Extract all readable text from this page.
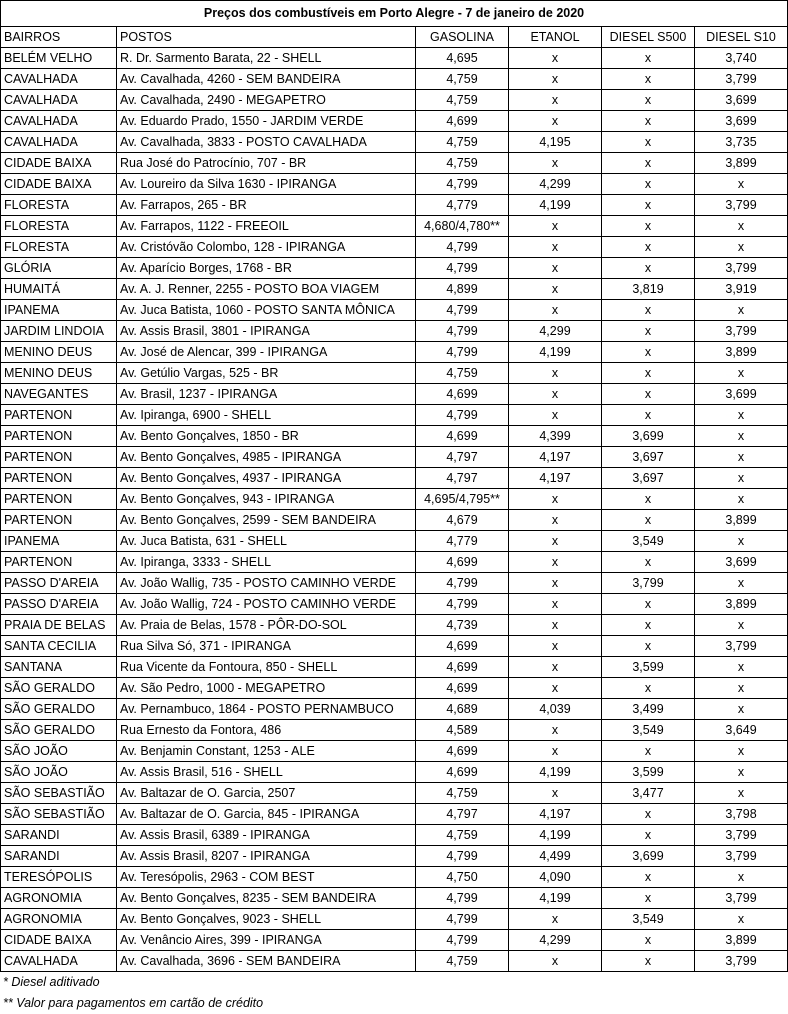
Preços dos combustíveis em Porto Alegre - 7 de janeiro de 2020					
BAIRROS	POSTOS	GASOLINA	ETANOL	DIESEL S500	DIESEL S10
BELÉM VELHO	R. Dr. Sarmento Barata, 22 - SHELL	4,695	x	x	3,740
CAVALHADA	Av. Cavalhada, 4260 - SEM BANDEIRA	4,759	x	x	3,799
CAVALHADA	Av. Cavalhada, 2490 - MEGAPETRO	4,759	x	x	3,699
CAVALHADA	Av. Eduardo Prado, 1550 - JARDIM VERDE	4,699	x	x	3,699
CAVALHADA	Av. Cavalhada, 3833 - POSTO CAVALHADA	4,759	4,195	x	3,735
CIDADE BAIXA	Rua José do Patrocínio, 707 - BR	4,759	x	x	3,899
CIDADE BAIXA	Av. Loureiro da Silva 1630 - IPIRANGA	4,799	4,299	x	x
FLORESTA	Av. Farrapos, 265 - BR	4,779	4,199	x	3,799
FLORESTA	Av. Farrapos, 1122 - FREEOIL	4,680/4,780**	x	x	x
FLORESTA	Av. Cristóvão Colombo, 128 - IPIRANGA	4,799	x	x	x
GLÓRIA	Av. Aparício Borges, 1768 - BR	4,799	x	x	3,799
HUMAITÁ	Av. A. J. Renner, 2255 - POSTO BOA VIAGEM	4,899	x	3,819	3,919
IPANEMA	Av. Juca Batista, 1060 - POSTO SANTA MÔNICA	4,799	x	x	x
JARDIM LINDOIA	Av. Assis Brasil, 3801 - IPIRANGA	4,799	4,299	x	3,799
MENINO DEUS	Av. José de Alencar, 399 - IPIRANGA	4,799	4,199	x	3,899
MENINO DEUS	Av. Getúlio Vargas, 525 - BR	4,759	x	x	x
NAVEGANTES	Av. Brasil, 1237 - IPIRANGA	4,699	x	x	3,699
PARTENON	Av. Ipiranga, 6900 - SHELL	4,799	x	x	x
PARTENON	Av. Bento Gonçalves, 1850 - BR	4,699	4,399	3,699	x
PARTENON	Av. Bento Gonçalves, 4985 - IPIRANGA	4,797	4,197	3,697	x
PARTENON	Av. Bento Gonçalves, 4937 - IPIRANGA	4,797	4,197	3,697	x
PARTENON	Av. Bento Gonçalves, 943 - IPIRANGA	4,695/4,795**	x	x	x
PARTENON	Av. Bento Gonçalves, 2599 - SEM BANDEIRA	4,679	x	x	3,899
IPANEMA	Av. Juca Batista, 631 - SHELL	4,779	x	3,549	x
PARTENON	Av. Ipiranga, 3333 - SHELL	4,699	x	x	3,699
PASSO D'AREIA	Av. João Wallig, 735 - POSTO CAMINHO VERDE	4,799	x	3,799	x
PASSO D'AREIA	Av. João Wallig, 724 - POSTO CAMINHO VERDE	4,799	x	x	3,899
PRAIA DE BELAS	Av. Praia de Belas, 1578 - PÔR-DO-SOL	4,739	x	x	x
SANTA CECILIA	Rua Silva Só, 371 - IPIRANGA	4,699	x	x	3,799
SANTANA	Rua Vicente da Fontoura, 850 - SHELL	4,699	x	3,599	x
SÃO GERALDO	Av. São Pedro, 1000 - MEGAPETRO	4,699	x	x	x
SÃO GERALDO	Av. Pernambuco, 1864 - POSTO PERNAMBUCO	4,689	4,039	3,499	x
SÃO GERALDO	Rua Ernesto da Fontora, 486	4,589	x	3,549	3,649
SÃO JOÃO	Av. Benjamin Constant, 1253 - ALE	4,699	x	x	x
SÃO JOÃO	Av. Assis Brasil, 516 - SHELL	4,699	4,199	3,599	x
SÃO SEBASTIÃO	Av. Baltazar de O. Garcia, 2507	4,759	x	3,477	x
SÃO SEBASTIÃO	Av. Baltazar de O. Garcia, 845 - IPIRANGA	4,797	4,197	x	3,798
SARANDI	Av. Assis Brasil, 6389 - IPIRANGA	4,759	4,199	x	3,799
SARANDI	Av. Assis Brasil, 8207 - IPIRANGA	4,799	4,499	3,699	3,799
TERESÓPOLIS	Av. Teresópolis, 2963 - COM BEST	4,750	4,090	x	x
AGRONOMIA	Av. Bento Gonçalves, 8235 - SEM BANDEIRA	4,799	4,199	x	3,799
AGRONOMIA	Av. Bento Gonçalves, 9023 - SHELL	4,799	x	3,549	x
CIDADE BAIXA	Av. Venâncio Aires, 399 - IPIRANGA	4,799	4,299	x	3,899
CAVALHADA	Av. Cavalhada, 3696 - SEM BANDEIRA	4,759	x	x	3,799
* Diesel aditivado
** Valor para pagamentos em cartão de crédito
